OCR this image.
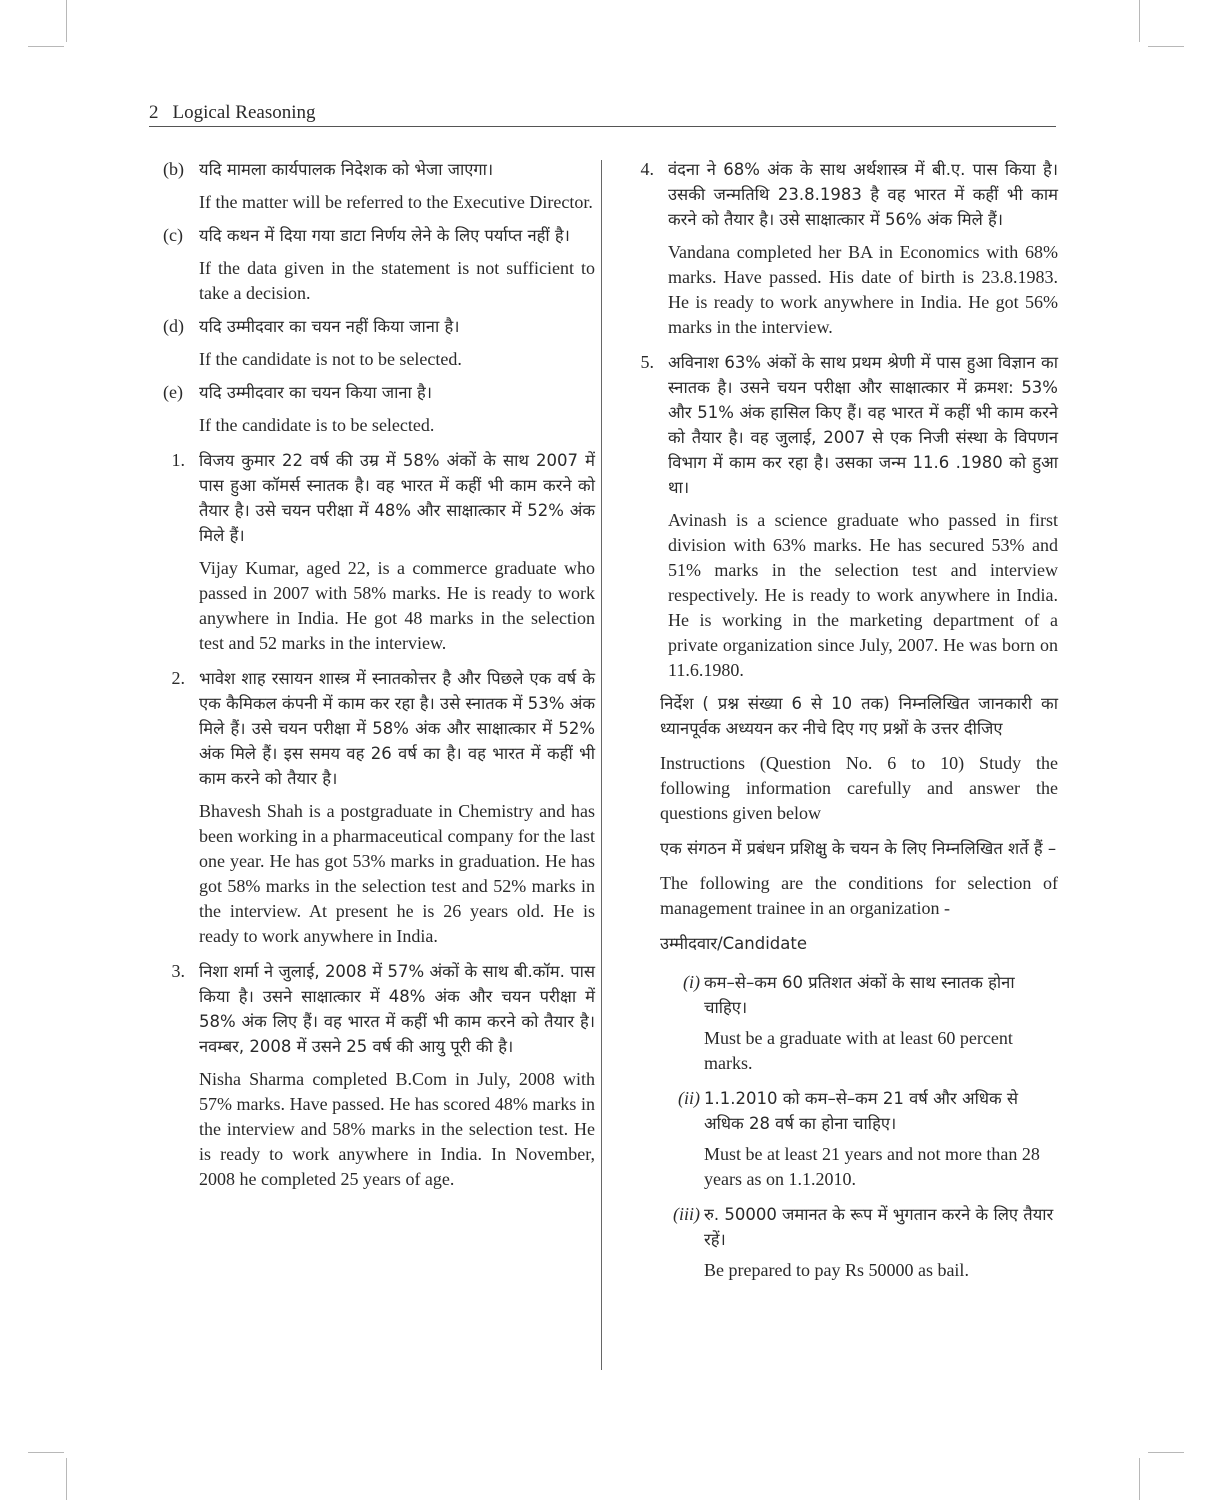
2 Logical Reasoning
(b) यदि मामला कार्यपालक निदेशक को भेजा जाएगा।

If the matter will be referred to the Executive Director.

(c) यदि कथन में दिया गया डाटा निर्णय लेने के लिए पर्याप्त नहीं है।

If the data given in the statement is not sufficient to take a decision.

(d) यदि उम्मीदवार का चयन नहीं किया जाना है।

If the candidate is not to be selected.

(e) यदि उम्मीदवार का चयन किया जाना है।

If the candidate is to be selected.

1. विजय कुमार 22 वर्ष की उम्र में 58% अंकों के साथ 2007 में पास हुआ कॉमर्स स्नातक है। वह भारत में कहीं भी काम करने को तैयार है। उसे चयन परीक्षा में 48% और साक्षात्कार में 52% अंक मिले हैं।

Vijay Kumar, aged 22, is a commerce graduate who passed in 2007 with 58% marks. He is ready to work anywhere in India. He got 48 marks in the selection test and 52 marks in the interview.

2. भावेश शाह रसायन शास्त्र में स्नातकोत्तर है और पिछले एक वर्ष के एक कैमिकल कंपनी में काम कर रहा है। उसे स्नातक में 53% अंक मिले हैं। उसे चयन परीक्षा में 58% अंक और साक्षात्कार में 52% अंक मिले हैं। इस समय वह 26 वर्ष का है। वह भारत में कहीं भी काम करने को तैयार है।

Bhavesh Shah is a postgraduate in Chemistry and has been working in a pharmaceutical company for the last one year. He has got 53% marks in graduation. He has got 58% marks in the selection test and 52% marks in the interview. At present he is 26 years old. He is ready to work anywhere in India.

3. निशा शर्मा ने जुलाई, 2008 में 57% अंकों के साथ बी.कॉम. पास किया है। उसने साक्षात्कार में 48% अंक और चयन परीक्षा में 58% अंक लिए हैं। वह भारत में कहीं भी काम करने को तैयार है। नवम्बर, 2008 में उसने 25 वर्ष की आयु पूरी की है।

Nisha Sharma completed B.Com in July, 2008 with 57% marks. Have passed. He has scored 48% marks in the interview and 58% marks in the selection test. He is ready to work anywhere in India. In November, 2008 he completed 25 years of age.

4. वंदना ने 68% अंक के साथ अर्थशास्त्र में बी.ए. पास किया है। उसकी जन्मतिथि 23.8.1983 है वह भारत में कहीं भी काम करने को तैयार है। उसे साक्षात्कार में 56% अंक मिले हैं।

Vandana completed her BA in Economics with 68% marks. Have passed. His date of birth is 23.8.1983. He is ready to work anywhere in India. He got 56% marks in the interview.

5. अविनाश 63% अंकों के साथ प्रथम श्रेणी में पास हुआ विज्ञान का स्नातक है। उसने चयन परीक्षा और साक्षात्कार में क्रमश: 53% और 51% अंक हासिल किए हैं। वह भारत में कहीं भी काम करने को तैयार है। वह जुलाई, 2007 से एक निजी संस्था के विपणन विभाग में काम कर रहा है। उसका जन्म 11.6 .1980 को हुआ था।

Avinash is a science graduate who passed in first division with 63% marks. He has secured 53% and 51% marks in the selection test and interview respectively. He is ready to work anywhere in India. He is working in the marketing department of a private organization since July, 2007. He was born on 11.6.1980.

निर्देश ( प्रश्न संख्या 6 से 10 तक) निम्नलिखित जानकारी का ध्यानपूर्वक अध्ययन कर नीचे दिए गए प्रश्नों के उत्तर दीजिए

Instructions (Question No. 6 to 10) Study the following information carefully and answer the questions given below

एक संगठन में प्रबंधन प्रशिक्षु के चयन के लिए निम्नलिखित शर्ते हैं –

The following are the conditions for selection of management trainee in an organization -

उम्मीदवार/Candidate

(i) कम–से–कम 60 प्रतिशत अंकों के साथ स्नातक होना चाहिए।

Must be a graduate with at least 60 percent marks.

(ii) 1.1.2010 को कम–से–कम 21 वर्ष और अधिक से अधिक 28 वर्ष का होना चाहिए।

Must be at least 21 years and not more than 28 years as on 1.1.2010.

(iii) रु. 50000 जमानत के रूप में भुगतान करने के लिए तैयार रहें।

Be prepared to pay Rs 50000 as bail.
